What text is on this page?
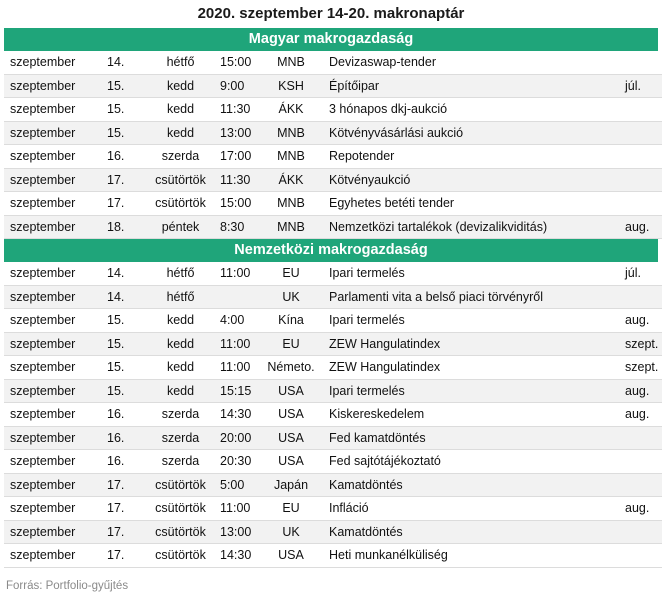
2020. szeptember 14-20. makronaptár
Magyar makrogazdaság
szeptember	14.	hétfő	15:00	MNB	Devizaswap-tender	
szeptember	15.	kedd	9:00	KSH	Építőipar	júl.
szeptember	15.	kedd	11:30	ÁKK	3 hónapos dkj-aukció	
szeptember	15.	kedd	13:00	MNB	Kötvényvásárlási aukció	
szeptember	16.	szerda	17:00	MNB	Repotender	
szeptember	17.	csütörtök	11:30	ÁKK	Kötvényaukció	
szeptember	17.	csütörtök	15:00	MNB	Egyhetes betéti tender	
szeptember	18.	péntek	8:30	MNB	Nemzetközi tartalékok (devizalikviditás)	aug.
Nemzetközi makrogazdaság
szeptember	14.	hétfő	11:00	EU	Ipari termelés	júl.
szeptember	14.	hétfő		UK	Parlamenti vita a belső piaci törvényről	
szeptember	15.	kedd	4:00	Kína	Ipari termelés	aug.
szeptember	15.	kedd	11:00	EU	ZEW Hangulatindex	szept.
szeptember	15.	kedd	11:00	Németo.	ZEW Hangulatindex	szept.
szeptember	15.	kedd	15:15	USA	Ipari termelés	aug.
szeptember	16.	szerda	14:30	USA	Kiskereskedelem	aug.
szeptember	16.	szerda	20:00	USA	Fed kamatdöntés	
szeptember	16.	szerda	20:30	USA	Fed sajtótájékoztató	
szeptember	17.	csütörtök	5:00	Japán	Kamatdöntés	
szeptember	17.	csütörtök	11:00	EU	Infláció	aug.
szeptember	17.	csütörtök	13:00	UK	Kamatdöntés	
szeptember	17.	csütörtök	14:30	USA	Heti munkanélküliség	
Forrás: Portfolio-gyűjtés
